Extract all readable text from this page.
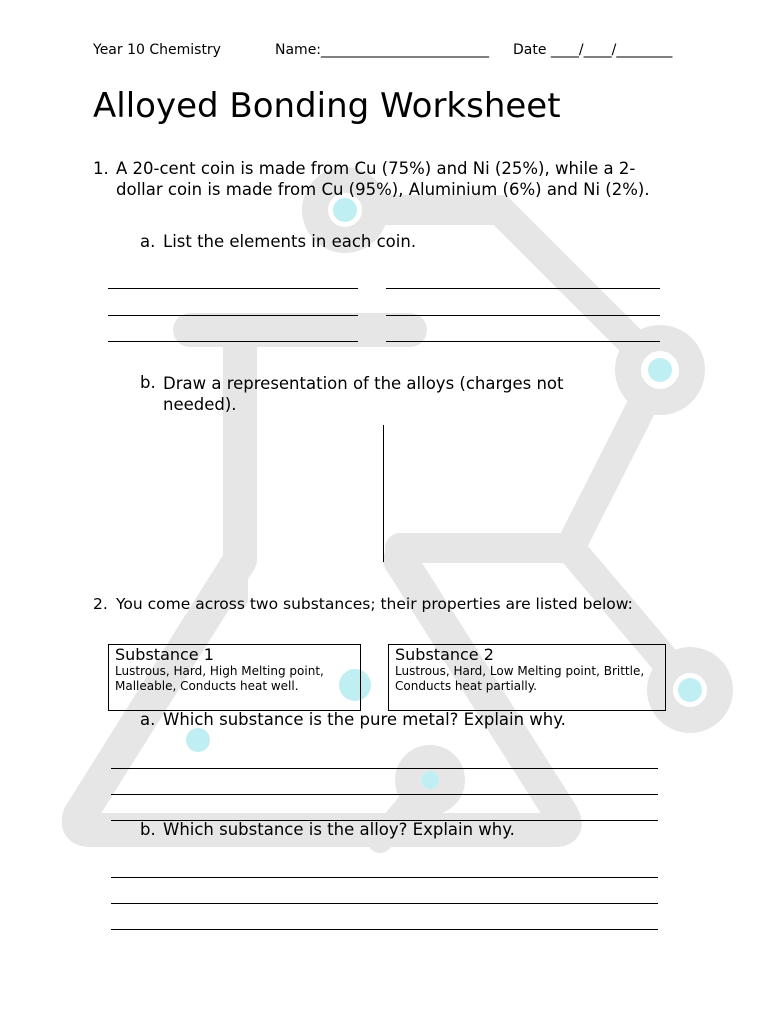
Year 10 Chemistry	Name:________________________ Date ____/____/________
Alloyed Bonding Worksheet
1. A 20-cent coin is made from Cu (75%) and Ni (25%), while a 2-dollar coin is made from Cu (95%), Aluminium (6%) and Ni (2%).
a. List the elements in each coin.
b. Draw a representation of the alloys (charges not needed).
2. You come across two substances; their properties are listed below:
Substance 1
Lustrous, Hard, High Melting point, Malleable, Conducts heat well.
Substance 2
Lustrous, Hard, Low Melting point, Brittle, Conducts heat partially.
a. Which substance is the pure metal? Explain why.
b. Which substance is the alloy? Explain why.
